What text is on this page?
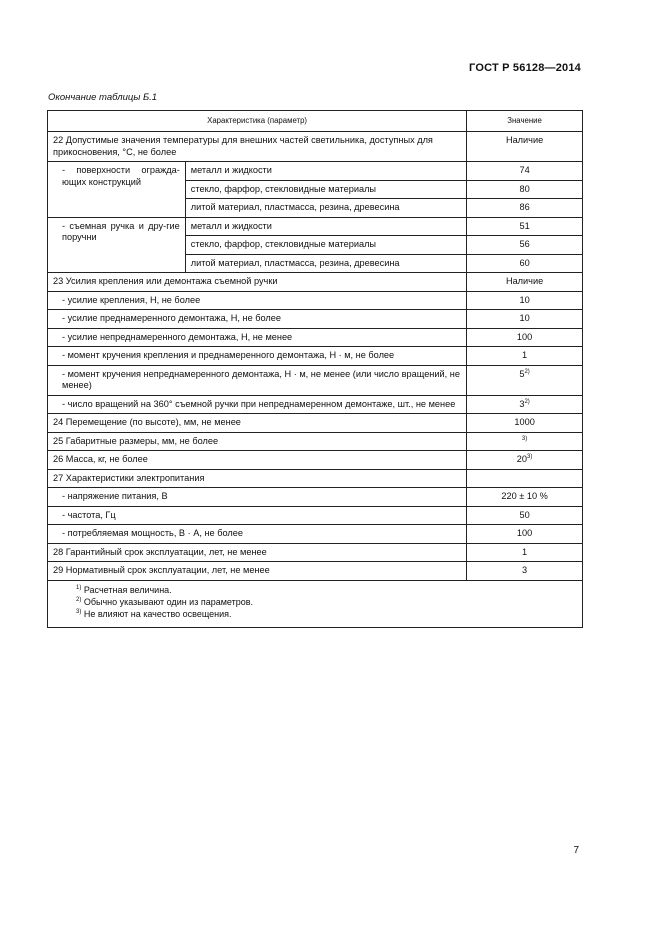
ГОСТ Р 56128—2014
Окончание таблицы Б.1
Характеристика (параметр)		Значение
22 Допустимые значения температуры для внешних частей светильника, доступных для прикосновения, °С, не более		Наличие
- поверхности огражда-ющих конструкций	металл и жидкости	74
	стекло, фарфор, стекловидные материалы	80
	литой материал, пластмасса, резина, древесина	86
- съемная ручка и дру-гие поручни	металл и жидкости	51
	стекло, фарфор, стекловидные материалы	56
	литой материал, пластмасса, резина, древесина	60
23 Усилия крепления или демонтажа съемной ручки		Наличие
- усилие крепления, Н, не более		10
- усилие преднамеренного демонтажа, Н, не более		10
- усилие непреднамеренного демонтажа, Н, не менее		100
- момент кручения крепления и преднамеренного демонтажа, Н · м, не более		1
- момент кручения непреднамеренного демонтажа, Н · м, не менее (или число вращений, не менее)		5$^{2)}$
- число вращений на 360° съемной ручки при непреднамеренном демонтаже, шт., не менее		3$^{2)}$
24 Перемещение (по высоте), мм, не менее		1000
25 Габаритные размеры, мм, не более		$^{3)}$
26 Масса, кг, не более		20$^{3)}$
27 Характеристики электропитания		
- напряжение питания, В		220 ± 10 %
- частота, Гц		50
- потребляемая мощность, В · А, не более		100
28 Гарантийный срок эксплуатации, лет, не менее		1
29 Нормативный срок эксплуатации, лет, не менее		3

$^{1)}$ Расчетная величина.
$^{2)}$ Обычно указывают один из параметров.
$^{3)}$ Не влияют на качество освещения.		
7
